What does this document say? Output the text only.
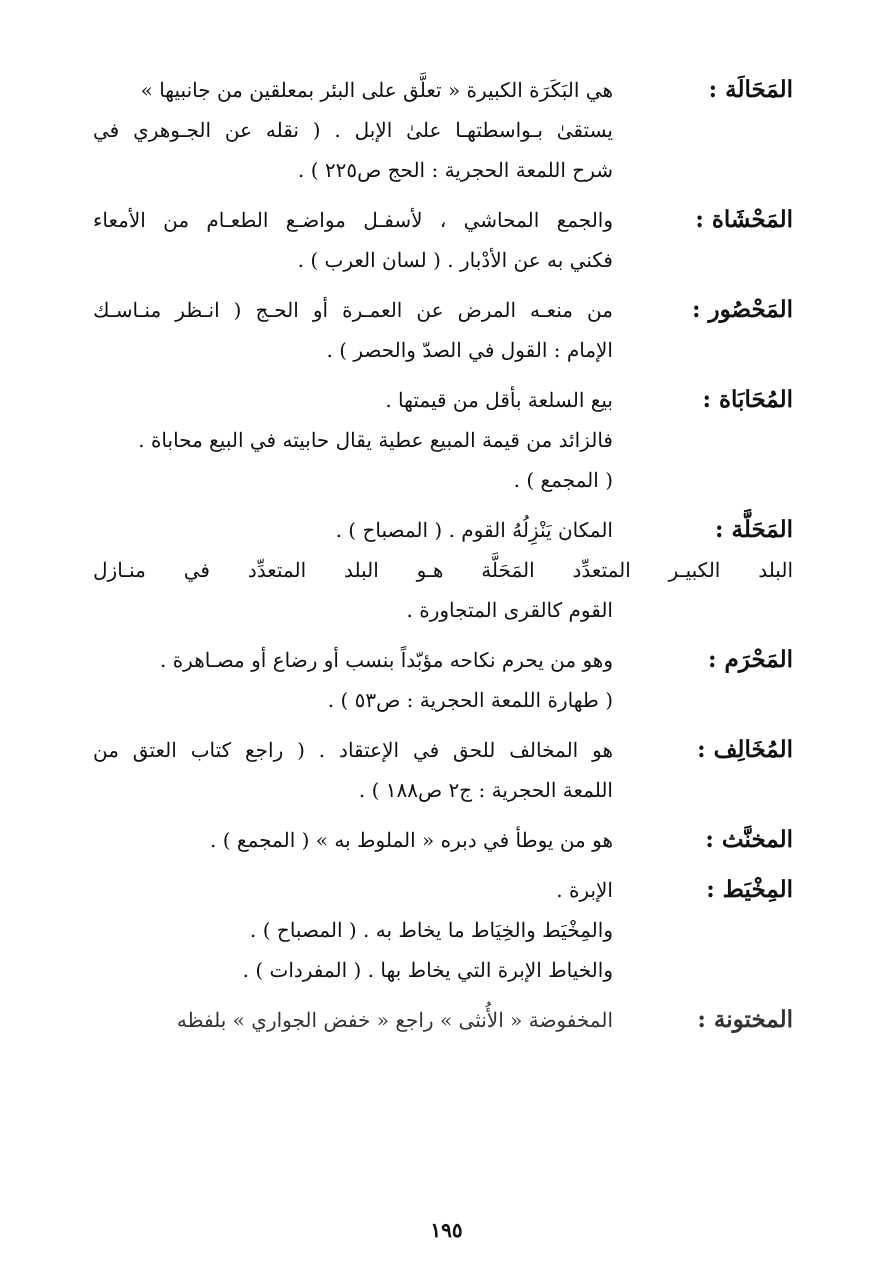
المَحَالَة :
هي البَكَرَة الكبيرة « تعلَّق على البئر بمعلقين من جانبيها »
يستقىٰ بـواسطتهـا علىٰ الإبل . ( نقله عن الجـوهري في
شرح اللمعة الحجرية : الحج ص٢٢٥ ) .
المَحْشَاة :
والجمع المحاشي ، لأسفـل مواضـع الطعـام من الأمعاء
فكني به عن الأدْبار . ( لسان العرب ) .
المَحْصُور :
من منعـه المرض عن العمـرة أو الحـج ( انـظر منـاسـك
الإمام : القول في الصدّ والحصر ) .
المُحَابَاة :
بيع السلعة بأقل من قيمتها .
فالزائد من قيمة المبيع عطية يقال حابيته في البيع محاباة .
( المجمع ) .
المَحَلَّة :
المكان يَنْزِلُهُ القوم . ( المصباح ) .
البلد الكبيـر المتعدِّد المَحَلَّة هـو البلد المتعدِّد في منـازل
القوم كالقرى المتجاورة .
المَحْرَم :
وهو من يحرم نكاحه مؤبّداً بنسب أو رضاع أو مصـاهرة .
( طهارة اللمعة الحجرية : ص٥٣ ) .
المُخَالِف :
هو المخالف للحق في الإعتقاد . ( راجع كتاب العتق من
اللمعة الحجرية : ج٢ ص١٨٨ ) .
المخنَّث :
هو من يوطأ في دبره « الملوط به » ( المجمع ) .
المِخْيَط :
الإبرة .
والمِخْيَط والخِيَاط ما يخاط به . ( المصباح ) .
والخياط الإبرة التي يخاط بها . ( المفردات ) .
المختونة :
المخفوضة « الأُنثى » راجع « خفض الجواري » بلفظه
١٩٥
